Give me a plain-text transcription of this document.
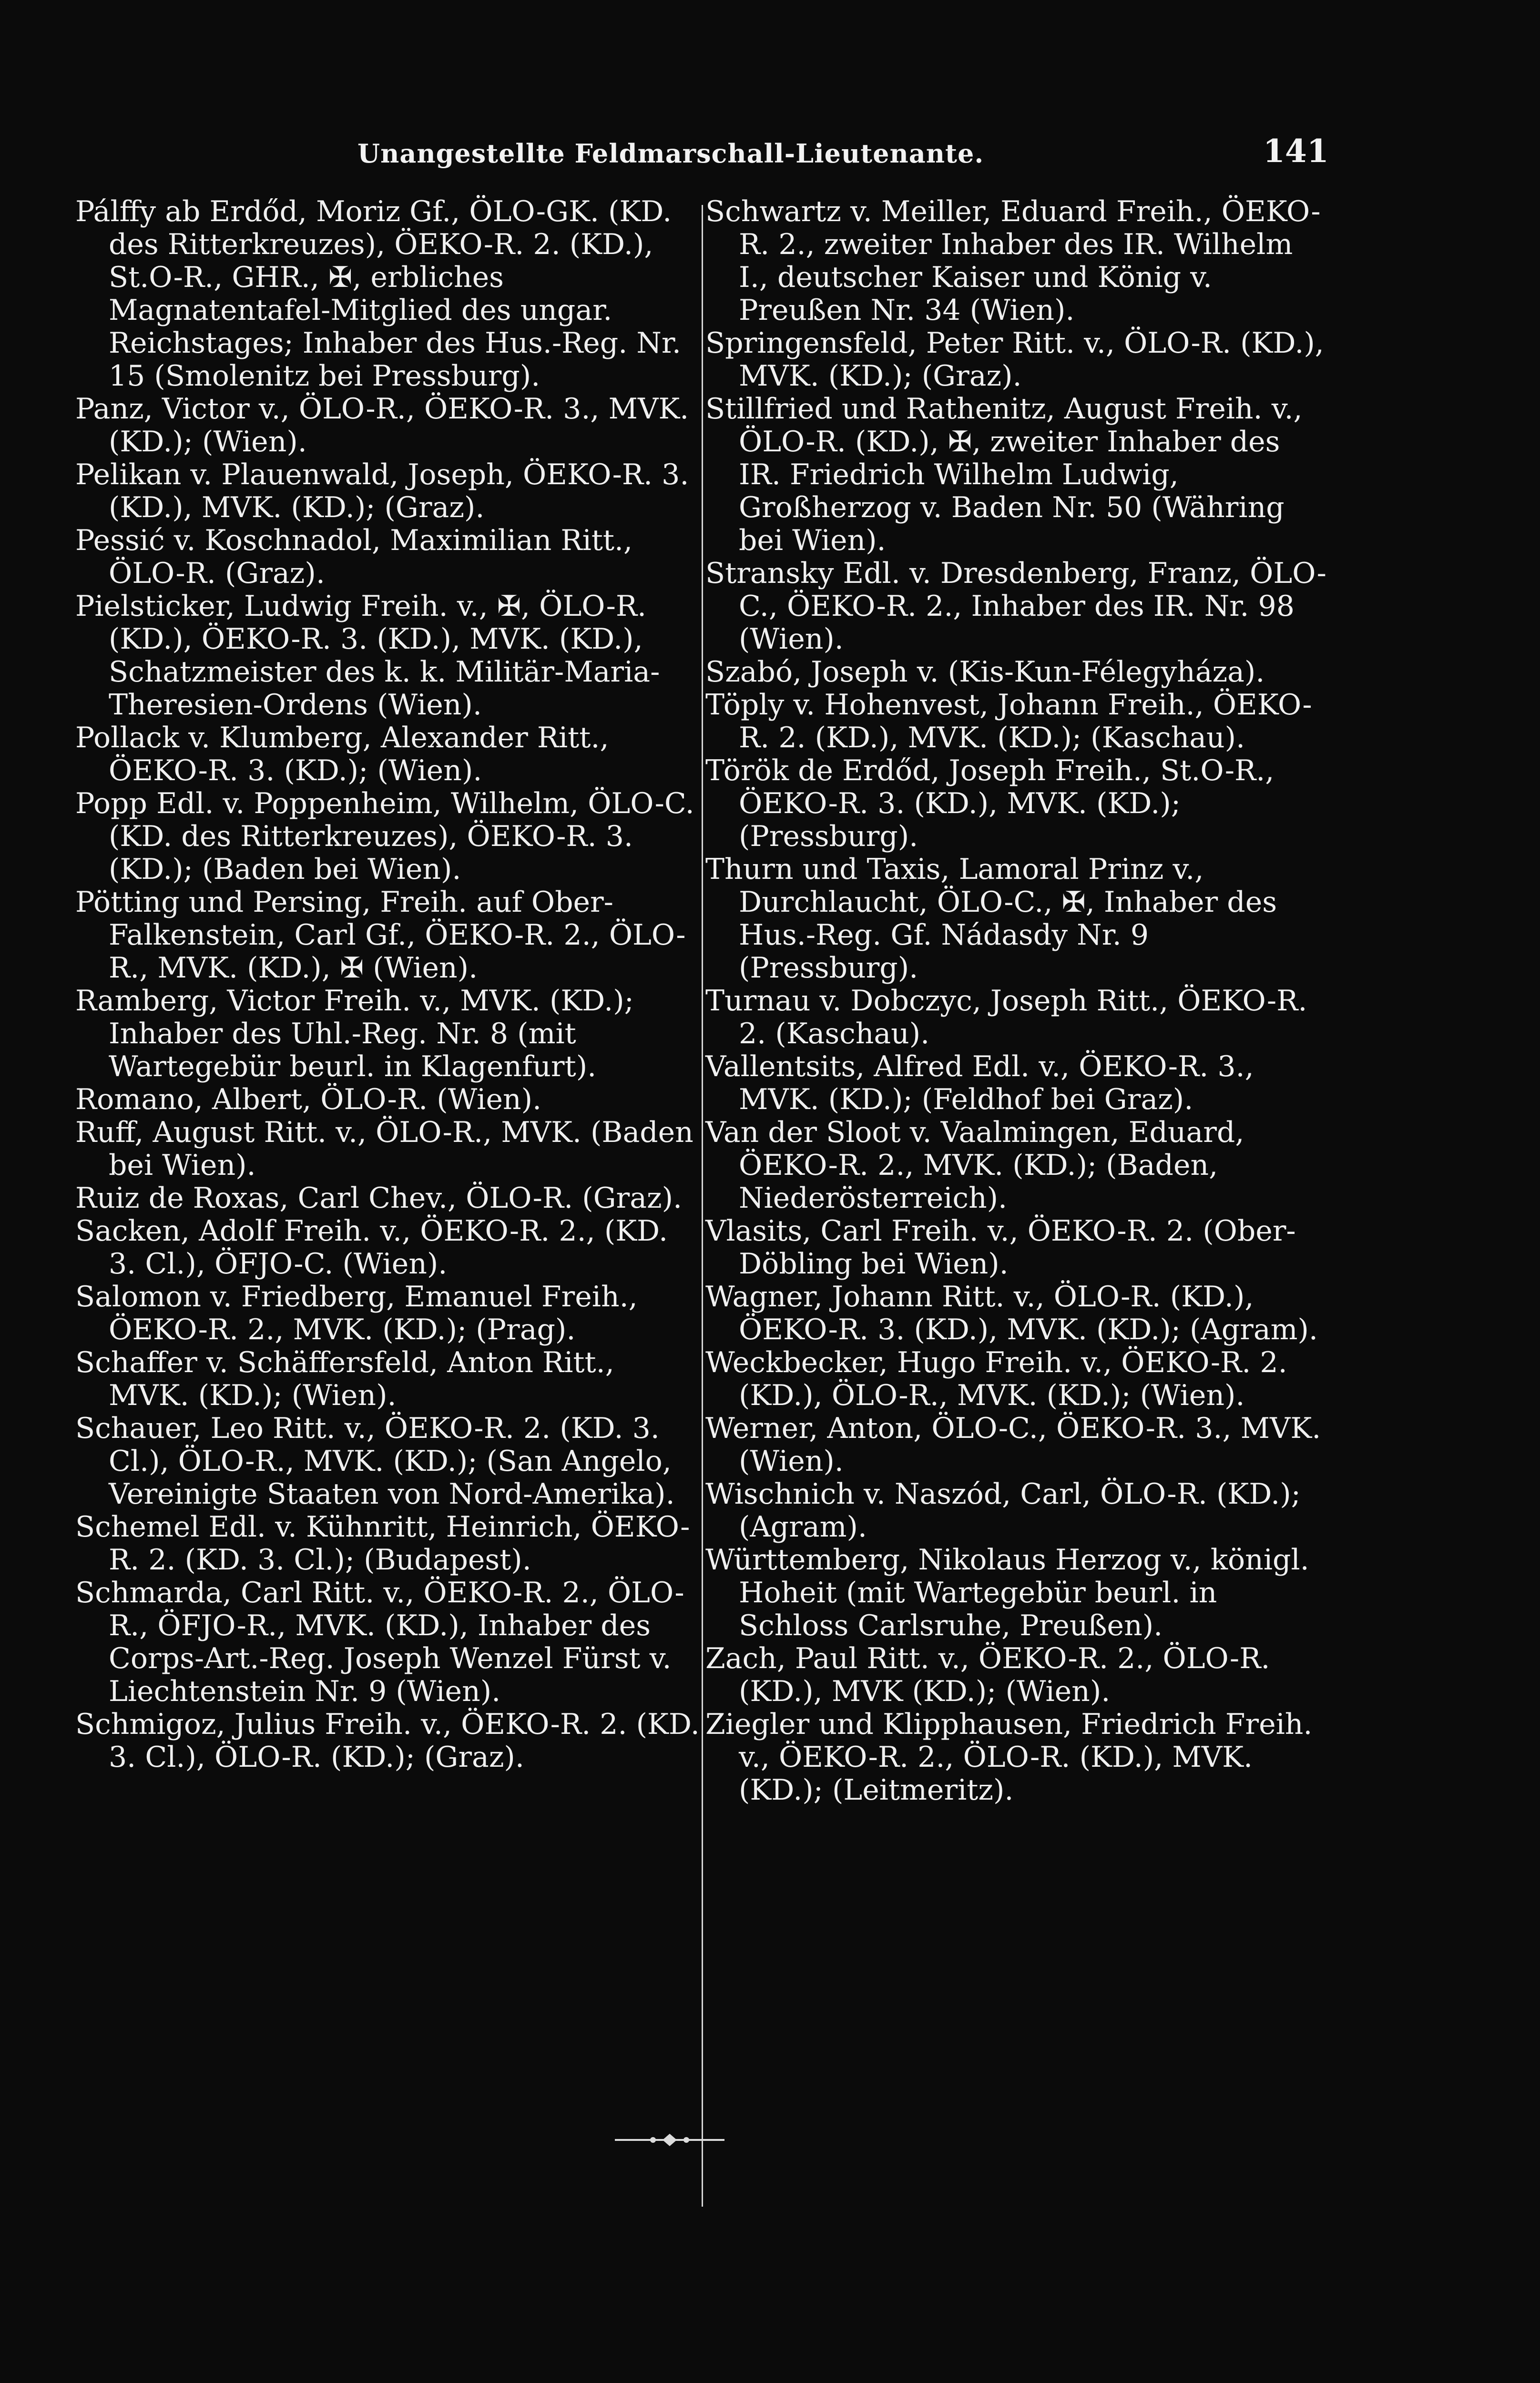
Unangestellte Feldmarschall-Lieutenante.	141

Pálffy ab Erdőd, Moriz Gf., ÖLO-GK. (KD. des Ritterkreuzes), ÖEKO-R. 2. (KD.), St.O-R., GHR., ✠, erbliches Magnatentafel-Mitglied des ungar. Reichstages; Inhaber des Hus.-Reg. Nr. 15 (Smolenitz bei Pressburg).

Panz, Victor v., ÖLO-R., ÖEKO-R. 3., MVK. (KD.); (Wien).

Pelikan v. Plauenwald, Joseph, ÖEKO-R. 3. (KD.), MVK. (KD.); (Graz).

Pessić v. Koschnadol, Maximilian Ritt., ÖLO-R. (Graz).

Pielsticker, Ludwig Freih. v., ✠, ÖLO-R. (KD.), ÖEKO-R. 3. (KD.), MVK. (KD.), Schatzmeister des k. k. Militär-Maria-Theresien-Ordens (Wien).

Pollack v. Klumberg, Alexander Ritt., ÖEKO-R. 3. (KD.); (Wien).

Popp Edl. v. Poppenheim, Wilhelm, ÖLO-C. (KD. des Ritterkreuzes), ÖEKO-R. 3. (KD.); (Baden bei Wien).

Pötting und Persing, Freih. auf Ober-Falkenstein, Carl Gf., ÖEKO-R. 2., ÖLO-R., MVK. (KD.), ✠ (Wien).

Ramberg, Victor Freih. v., MVK. (KD.); Inhaber des Uhl.-Reg. Nr. 8 (mit Wartegebür beurl. in Klagenfurt).

Romano, Albert, ÖLO-R. (Wien).

Ruff, August Ritt. v., ÖLO-R., MVK. (Baden bei Wien).

Ruiz de Roxas, Carl Chev., ÖLO-R. (Graz).

Sacken, Adolf Freih. v., ÖEKO-R. 2., (KD. 3. Cl.), ÖFJO-C. (Wien).

Salomon v. Friedberg, Emanuel Freih., ÖEKO-R. 2., MVK. (KD.); (Prag).

Schaffer v. Schäffersfeld, Anton Ritt., MVK. (KD.); (Wien).

Schauer, Leo Ritt. v., ÖEKO-R. 2. (KD. 3. Cl.), ÖLO-R., MVK. (KD.); (San Angelo, Vereinigte Staaten von Nord-Amerika).

Schemel Edl. v. Kühnritt, Heinrich, ÖEKO-R. 2. (KD. 3. Cl.); (Budapest).

Schmarda, Carl Ritt. v., ÖEKO-R. 2., ÖLO-R., ÖFJO-R., MVK. (KD.), Inhaber des Corps-Art.-Reg. Joseph Wenzel Fürst v. Liechtenstein Nr. 9 (Wien).

Schmigoz, Julius Freih. v., ÖEKO-R. 2. (KD. 3. Cl.), ÖLO-R. (KD.); (Graz).

Schwartz v. Meiller, Eduard Freih., ÖEKO-R. 2., zweiter Inhaber des IR. Wilhelm I., deutscher Kaiser und König v. Preußen Nr. 34 (Wien).

Springensfeld, Peter Ritt. v., ÖLO-R. (KD.), MVK. (KD.); (Graz).

Stillfried und Rathenitz, August Freih. v., ÖLO-R. (KD.), ✠, zweiter Inhaber des IR. Friedrich Wilhelm Ludwig, Großherzog v. Baden Nr. 50 (Währing bei Wien).

Stransky Edl. v. Dresdenberg, Franz, ÖLO-C., ÖEKO-R. 2., Inhaber des IR. Nr. 98 (Wien).

Szabó, Joseph v. (Kis-Kun-Félegyháza).

Töply v. Hohenvest, Johann Freih., ÖEKO-R. 2. (KD.), MVK. (KD.); (Kaschau).

Török de Erdőd, Joseph Freih., St.O-R., ÖEKO-R. 3. (KD.), MVK. (KD.); (Pressburg).

Thurn und Taxis, Lamoral Prinz v., Durchlaucht, ÖLO-C., ✠, Inhaber des Hus.-Reg. Gf. Nádasdy Nr. 9 (Pressburg).

Turnau v. Dobczyc, Joseph Ritt., ÖEKO-R. 2. (Kaschau).

Vallentsits, Alfred Edl. v., ÖEKO-R. 3., MVK. (KD.); (Feldhof bei Graz).

Van der Sloot v. Vaalmingen, Eduard, ÖEKO-R. 2., MVK. (KD.); (Baden, Niederösterreich).

Vlasits, Carl Freih. v., ÖEKO-R. 2. (Ober-Döbling bei Wien).

Wagner, Johann Ritt. v., ÖLO-R. (KD.), ÖEKO-R. 3. (KD.), MVK. (KD.); (Agram).

Weckbecker, Hugo Freih. v., ÖEKO-R. 2. (KD.), ÖLO-R., MVK. (KD.); (Wien).

Werner, Anton, ÖLO-C., ÖEKO-R. 3., MVK. (Wien).

Wischnich v. Naszód, Carl, ÖLO-R. (KD.); (Agram).

Württemberg, Nikolaus Herzog v., königl. Hoheit (mit Wartegebür beurl. in Schloss Carlsruhe, Preußen).

Zach, Paul Ritt. v., ÖEKO-R. 2., ÖLO-R. (KD.), MVK (KD.); (Wien).

Ziegler und Klipphausen, Friedrich Freih. v., ÖEKO-R. 2., ÖLO-R. (KD.), MVK. (KD.); (Leitmeritz).
